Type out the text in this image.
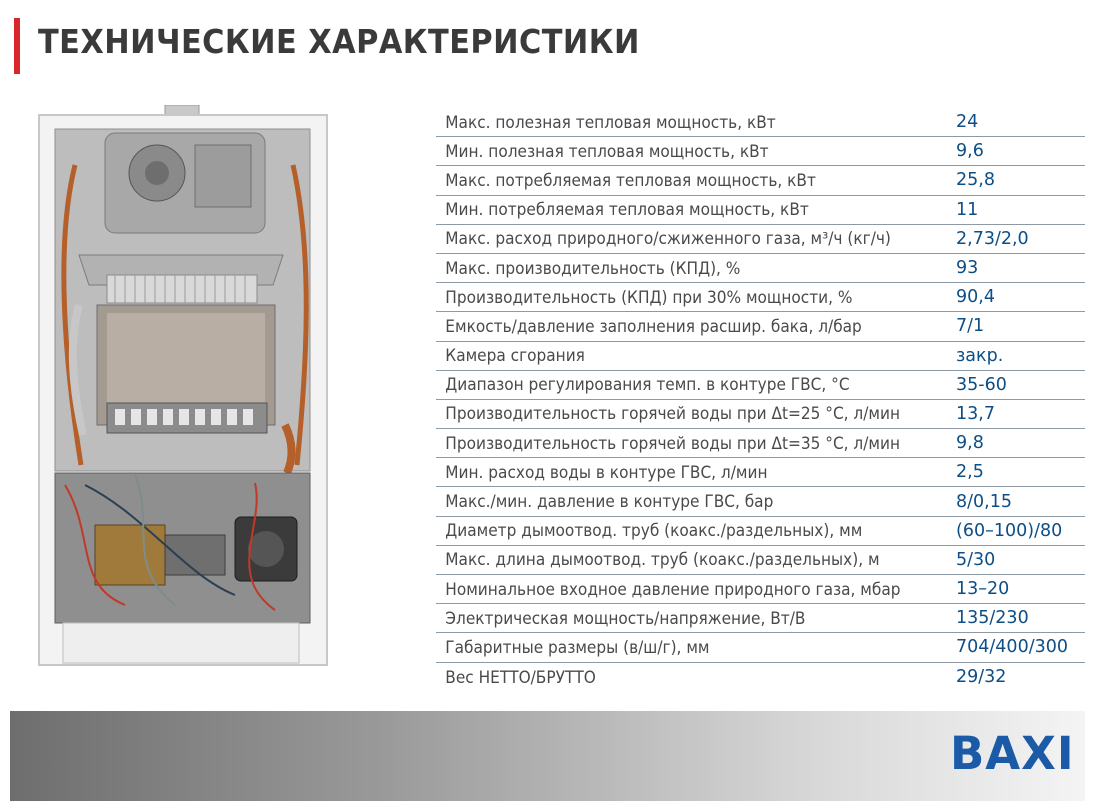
ТЕХНИЧЕСКИЕ ХАРАКТЕРИСТИКИ
Макс. полезная тепловая мощность, кВт	24
Мин. полезная тепловая мощность, кВт	9,6
Макс. потребляемая тепловая мощность, кВт	25,8
Мин. потребляемая тепловая мощность, кВт	11
Макс. расход природного/сжиженного газа, м³/ч (кг/ч)	2,73/2,0
Макс. производительность (КПД), %	93
Производительность (КПД) при 30% мощности, %	90,4
Емкость/давление заполнения расшир. бака, л/бар	7/1
Камера сгорания	закр.
Диапазон регулирования темп. в контуре ГВС, °С	35-60
Производительность горячей воды при Δt=25 °С, л/мин	13,7
Производительность горячей воды при Δt=35 °С, л/мин	9,8
Мин. расход воды в контуре ГВС, л/мин	2,5
Макс./мин. давление в контуре ГВС, бар	8/0,15
Диаметр дымоотвод. труб (коакс./раздельных), мм	(60–100)/80
Макс. длина дымоотвод. труб (коакс./раздельных), м	5/30
Номинальное входное давление природного газа, мбар	13–20
Электрическая мощность/напряжение, Вт/В	135/230
Габаритные размеры (в/ш/г), мм	704/400/300
Вес НЕТТО/БРУТТО	29/32
BAXI
